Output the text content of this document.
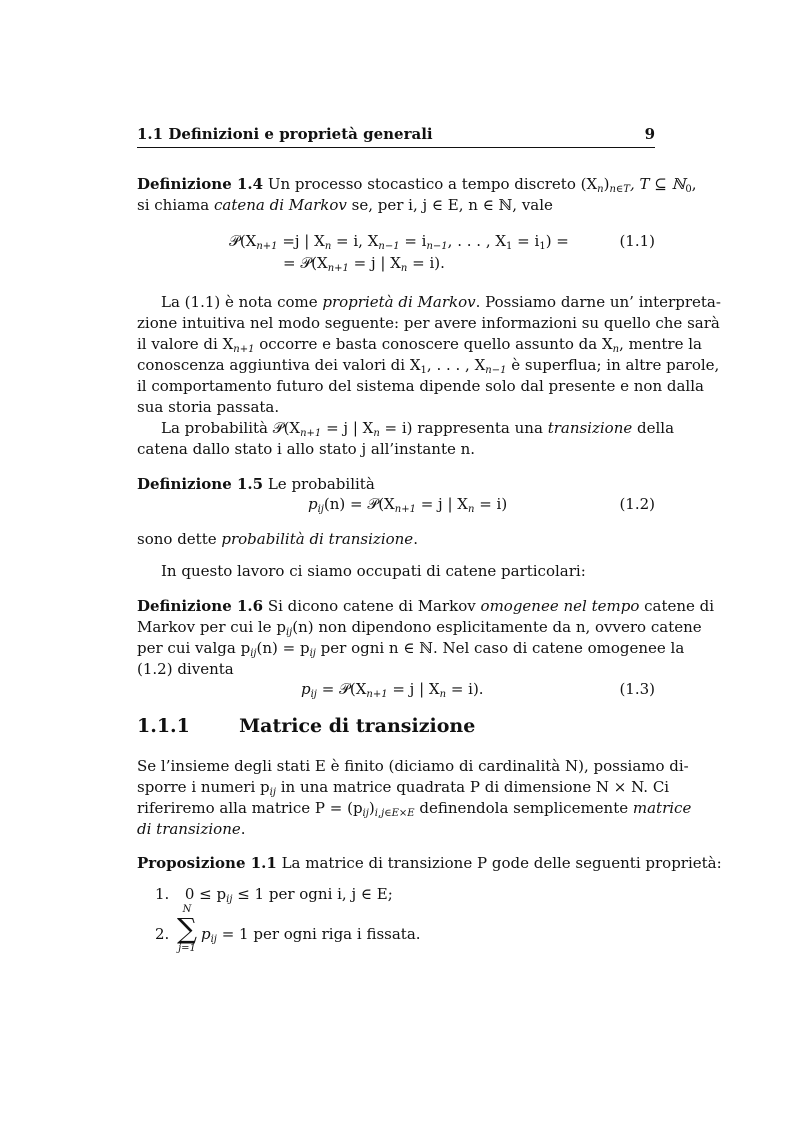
1.1 Definizioni e proprietà generali	9
Definizione 1.4 Un processo stocastico a tempo discreto $(X_n)_{n\in T}$, T ⊆ ℕ$_0$,
si chiama catena di Markov se, per i, j ∈ E, n ∈ ℕ, vale
$𝒫(X_{n+1} =j$ | $X_n = i$, $X_{n-1} = i_{n-1}$, . . . , $X_1 = i_1$) =	(1.1)
= $𝒫(X_{n+1} = j$ | $X_n = i$).
La (1.1) è nota come proprietà di Markov. Possiamo darne un’ interpreta-
zione intuitiva nel modo seguente: per avere informazioni su quello che sarà
il valore di $X_{n+1}$ occorre e basta conoscere quello assunto da $X_n$, mentre la
conoscenza aggiuntiva dei valori di $X_1$, . . . , $X_{n-1}$ è superflua; in altre parole,
il comportamento futuro del sistema dipende solo dal presente e non dalla
sua storia passata.
La probabilità $𝒫(X_{n+1} = j$ | $X_n = i$) rappresenta una transizione della
catena dallo stato i allo stato j all’instante n.
Definizione 1.5 Le probabilità
$p_{ij}(n)$ = $𝒫(X_{n+1} = j$ | $X_n = i$)	(1.2)
sono dette probabilità di transizione.
In questo lavoro ci siamo occupati di catene particolari:
Definizione 1.6 Si dicono catene di Markov omogenee nel tempo catene di
Markov per cui le $p_{ij}(n)$ non dipendono esplicitamente da n, ovvero catene
per cui valga $p_{ij}(n) = p_{ij}$ per ogni n ∈ ℕ. Nel caso di catene omogenee la
(1.2) diventa
$p_{ij}$ = $𝒫(X_{n+1} = j$ | $X_n = i$).	(1.3)
1.1.1	Matrice di transizione
Se l’insieme degli stati E è finito (diciamo di cardinalità N), possiamo di-
sporre i numeri $p_{ij}$ in una matrice quadrata P di dimensione N × N. Ci
riferiremo alla matrice $P = (p_{ij})_{i,j\in E\times E}$ definendola semplicemente matrice
di transizione.
Proposizione 1.1 La matrice di transizione P gode delle seguenti proprietà:
1. $0 \le p_{ij} \le 1$ per ogni i, j ∈ E;
2.
N
∑
j=1
$p_{ij} = 1$ per ogni riga i fissata.
